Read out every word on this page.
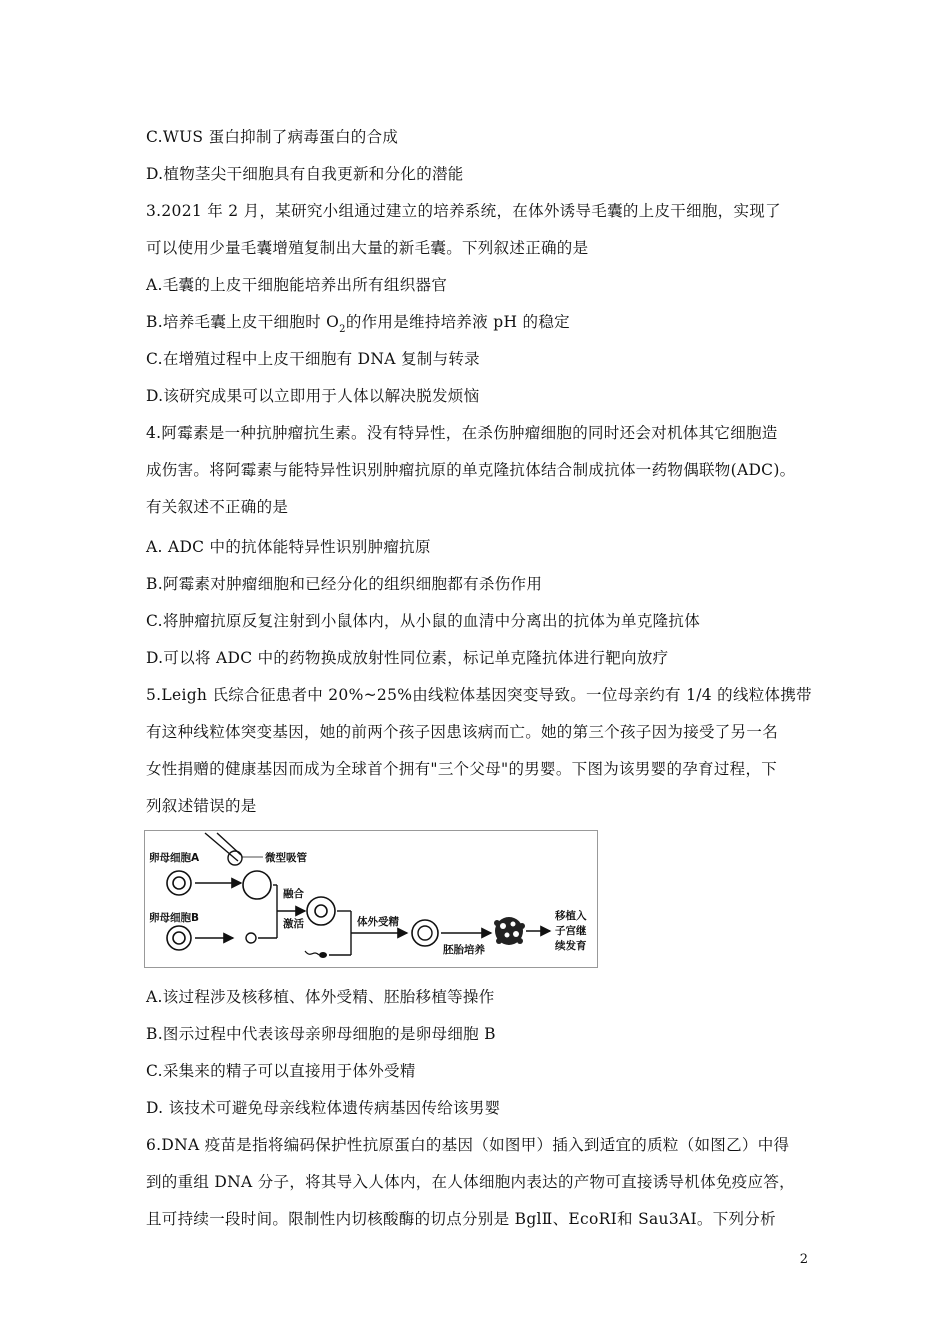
C.WUS 蛋白抑制了病毒蛋白的合成
D.植物茎尖干细胞具有自我更新和分化的潜能
3.2021 年 2 月，某研究小组通过建立的培养系统，在体外诱导毛囊的上皮干细胞，实现了
可以使用少量毛囊增殖复制出大量的新毛囊。下列叙述正确的是
A.毛囊的上皮干细胞能培养出所有组织器官
B.培养毛囊上皮干细胞时 $O_2$的作用是维持培养液 pH 的稳定
C.在增殖过程中上皮干细胞有 DNA 复制与转录
D.该研究成果可以立即用于人体以解决脱发烦恼
4.阿霉素是一种抗肿瘤抗生素。没有特异性，在杀伤肿瘤细胞的同时还会对机体其它细胞造
成伤害。将阿霉素与能特异性识别肿瘤抗原的单克隆抗体结合制成抗体一药物偶联物(ADC)。
有关叙述不正确的是
A. ADC 中的抗体能特异性识别肿瘤抗原
B.阿霉素对肿瘤细胞和已经分化的组织细胞都有杀伤作用
C.将肿瘤抗原反复注射到小鼠体内，从小鼠的血清中分离出的抗体为单克隆抗体
D.可以将 ADC 中的药物换成放射性同位素，标记单克隆抗体进行靶向放疗
5.Leigh 氏综合征患者中 20%~25%由线粒体基因突变导致。一位母亲约有 1/4 的线粒体携带
有这种线粒体突变基因，她的前两个孩子因患该病而亡。她的第三个孩子因为接受了另一名
女性捐赠的健康基因而成为全球首个拥有"三个父母"的男婴。下图为该男婴的孕育过程，下
列叙述错误的是
卵母细胞A	微型吸管
卵母细胞B
融合
激活	体外受精
胚胎培养
移植入
子宫继
续发育
A.该过程涉及核移植、体外受精、胚胎移植等操作
B.图示过程中代表该母亲卵母细胞的是卵母细胞 B
C.采集来的精子可以直接用于体外受精
D. 该技术可避免母亲线粒体遗传病基因传给该男婴
6.DNA 疫苗是指将编码保护性抗原蛋白的基因（如图甲）插入到适宜的质粒（如图乙）中得
到的重组 DNA 分子，将其导入人体内，在人体细胞内表达的产物可直接诱导机体免疫应答，
且可持续一段时间。限制性内切核酸酶的切点分别是 BglⅡ、EcoRⅠ和 Sau3AⅠ。下列分析
2
